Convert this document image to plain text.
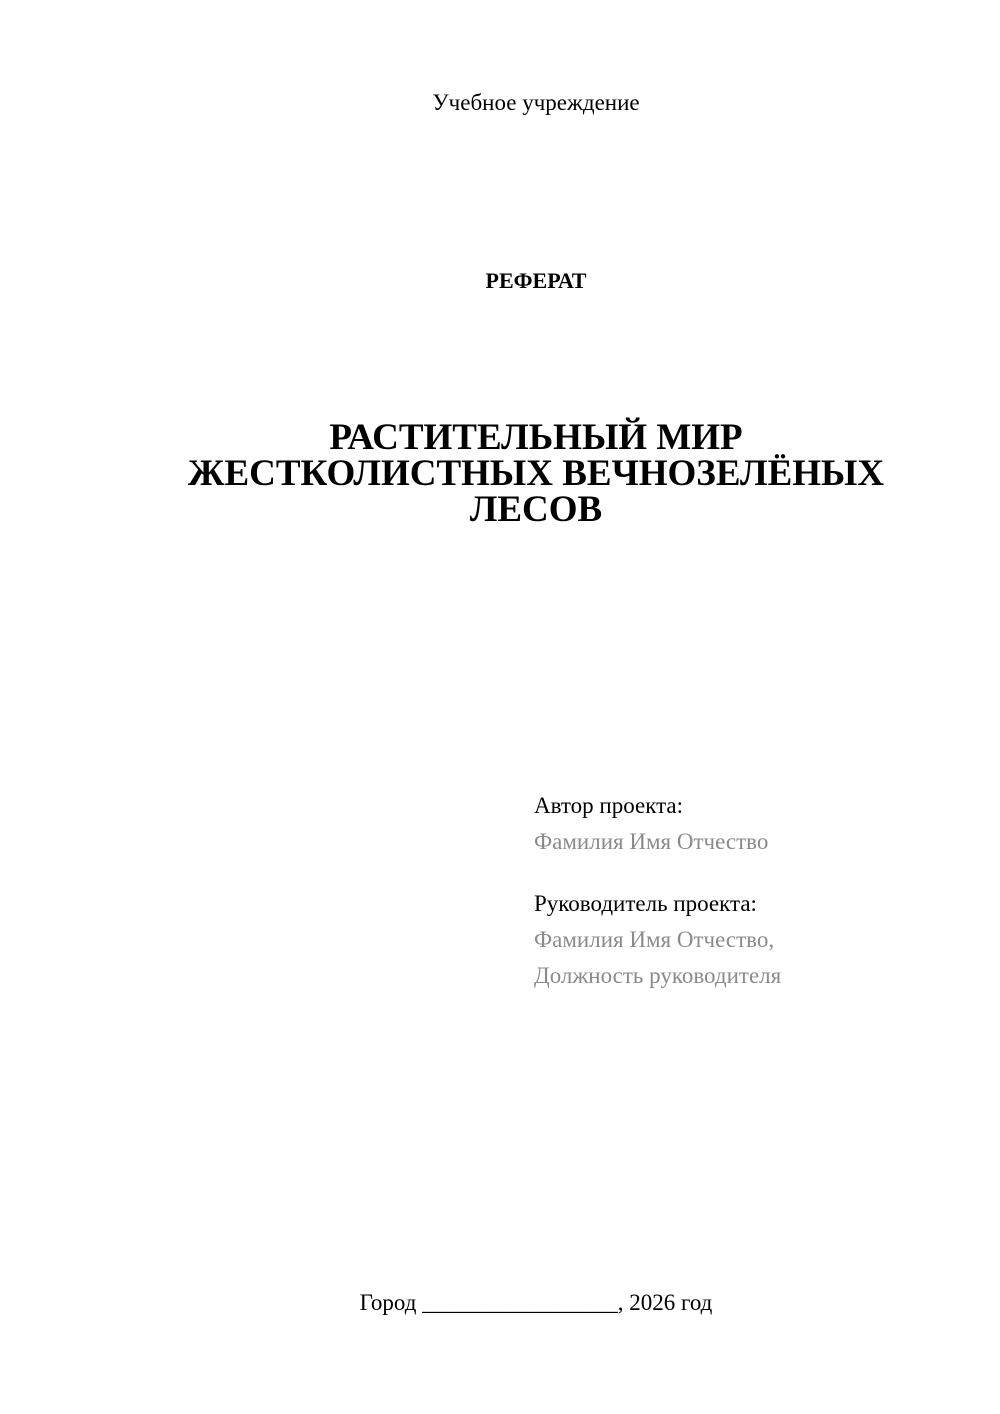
Учебное учреждение
РЕФЕРАТ
РАСТИТЕЛЬНЫЙ МИР
ЖЕСТКОЛИСТНЫХ ВЕЧНОЗЕЛЁНЫХ
ЛЕСОВ
Автор проекта:
Фамилия Имя Отчество
Руководитель проекта:
Фамилия Имя Отчество,
Должность руководителя
Город _________________, 2026 год
